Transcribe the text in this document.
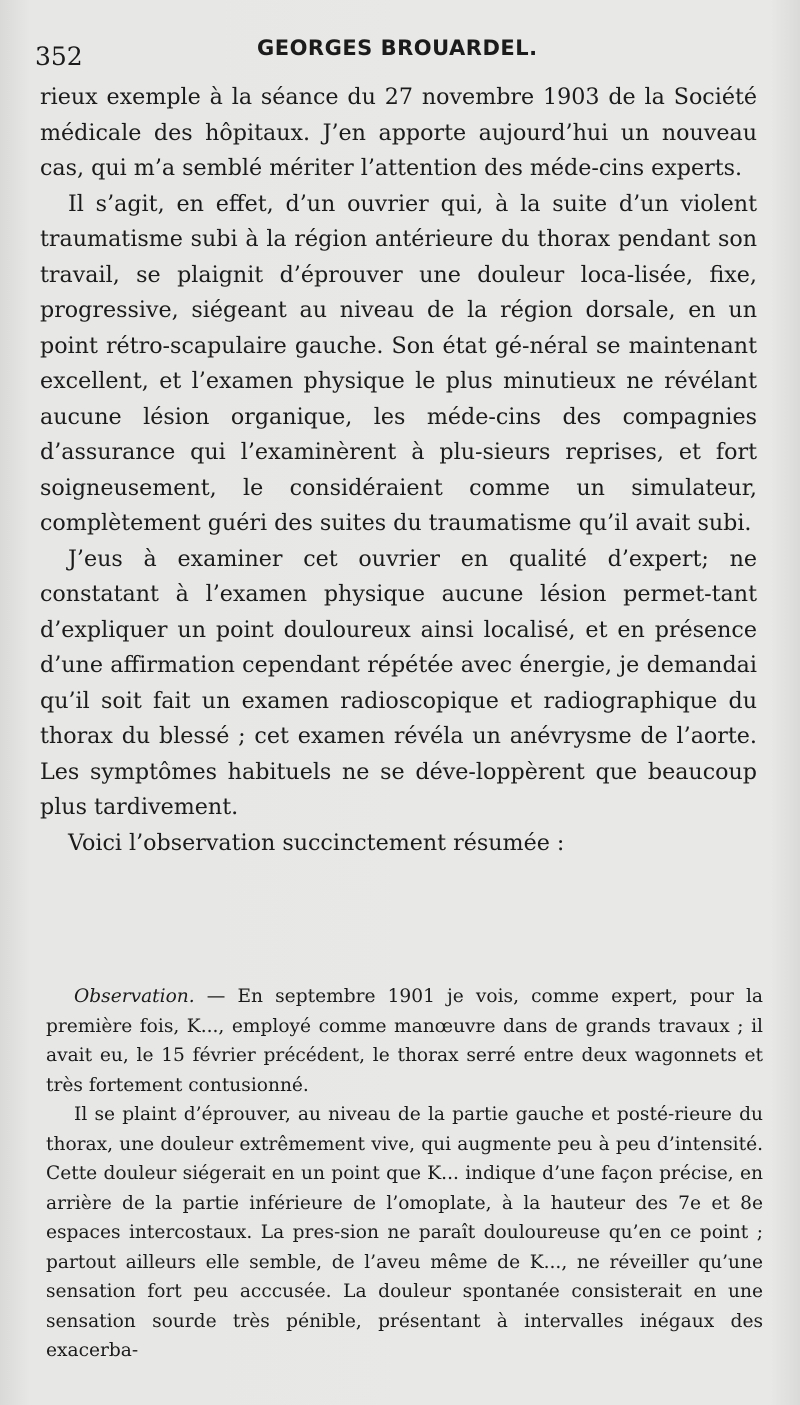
352	GEORGES BROUARDEL.

rieux exemple à la séance du 27 novembre 1903 de la Société médicale des hôpitaux. J’en apporte aujourd’hui un nouveau cas, qui m’a semblé mériter l’attention des méde-cins experts.

Il s’agit, en effet, d’un ouvrier qui, à la suite d’un violent traumatisme subi à la région antérieure du thorax pendant son travail, se plaignit d’éprouver une douleur loca-lisée, fixe, progressive, siégeant au niveau de la région dorsale, en un point rétro-scapulaire gauche. Son état gé-néral se maintenant excellent, et l’examen physique le plus minutieux ne révélant aucune lésion organique, les méde-cins des compagnies d’assurance qui l’examinèrent à plu-sieurs reprises, et fort soigneusement, le considéraient comme un simulateur, complètement guéri des suites du traumatisme qu’il avait subi.

J’eus à examiner cet ouvrier en qualité d’expert; ne constatant à l’examen physique aucune lésion permet-tant d’expliquer un point douloureux ainsi localisé, et en présence d’une affirmation cependant répétée avec énergie, je demandai qu’il soit fait un examen radioscopique et radiographique du thorax du blessé ; cet examen révéla un anévrysme de l’aorte. Les symptômes habituels ne se déve-loppèrent que beaucoup plus tardivement.

Voici l’observation succinctement résumée :

Observation. — En septembre 1901 je vois, comme expert, pour la première fois, K..., employé comme manœuvre dans de grands travaux ; il avait eu, le 15 février précédent, le thorax serré entre deux wagonnets et très fortement contusionné.

Il se plaint d’éprouver, au niveau de la partie gauche et posté-rieure du thorax, une douleur extrêmement vive, qui augmente peu à peu d’intensité. Cette douleur siégerait en un point que K... indique d’une façon précise, en arrière de la partie inférieure de l’omoplate, à la hauteur des 7e et 8e espaces intercostaux. La pres-sion ne paraît douloureuse qu’en ce point ; partout ailleurs elle semble, de l’aveu même de K..., ne réveiller qu’une sensation fort peu acccusée. La douleur spontanée consisterait en une sensation sourde très pénible, présentant à intervalles inégaux des exacerba-
